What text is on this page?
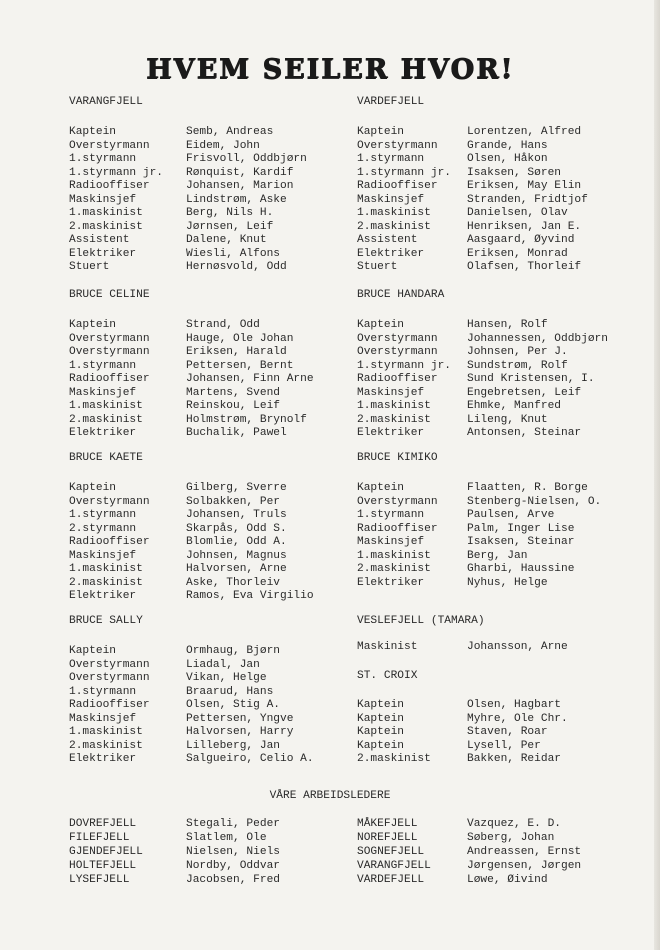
HVEM SEILER HVOR!
VARANGFJELL
Kaptein	Semb, Andreas
Overstyrmann	Eidem, John
1.styrmann	Frisvoll, Oddbjørn
1.styrmann jr.	Rønquist, Kardif
Radiooffiser	Johansen, Marion
Maskinsjef	Lindstrøm, Aske
1.maskinist	Berg, Nils H.
2.maskinist	Jørnsen, Leif
Assistent	Dalene, Knut
Elektriker	Wiesli, Alfons
Stuert	Hernøsvold, Odd
BRUCE CELINE
Kaptein	Strand, Odd
Overstyrmann	Hauge, Ole Johan
Overstyrmann	Eriksen, Harald
1.styrmann	Pettersen, Bernt
Radiooffiser	Johansen, Finn Arne
Maskinsjef	Martens, Svend
1.maskinist	Reinskou, Leif
2.maskinist	Holmstrøm, Brynolf
Elektriker	Buchalik, Pawel
BRUCE KAETE
Kaptein	Gilberg, Sverre
Overstyrmann	Solbakken, Per
1.styrmann	Johansen, Truls
2.styrmann	Skarpås, Odd S.
Radiooffiser	Blomlie, Odd A.
Maskinsjef	Johnsen, Magnus
1.maskinist	Halvorsen, Arne
2.maskinist	Aske, Thorleiv
Elektriker	Ramos, Eva Virgilio
BRUCE SALLY
Kaptein	Ormhaug, Bjørn
Overstyrmann	Liadal, Jan
Overstyrmann	Vikan, Helge
1.styrmann	Braarud, Hans
Radiooffiser	Olsen, Stig A.
Maskinsjef	Pettersen, Yngve
1.maskinist	Halvorsen, Harry
2.maskinist	Lilleberg, Jan
Elektriker	Salgueiro, Celio A.
VARDEFJELL
Kaptein	Lorentzen, Alfred
Overstyrmann	Grande, Hans
1.styrmann	Olsen, Håkon
1.styrmann jr.	Isaksen, Søren
Radiooffiser	Eriksen, May Elin
Maskinsjef	Stranden, Fridtjof
1.maskinist	Danielsen, Olav
2.maskinist	Henriksen, Jan E.
Assistent	Aasgaard, Øyvind
Elektriker	Eriksen, Monrad
Stuert	Olafsen, Thorleif
BRUCE HANDARA
Kaptein	Hansen, Rolf
Overstyrmann	Johannessen, Oddbjørn
Overstyrmann	Johnsen, Per J.
1.styrmann jr.	Sundstrøm, Rolf
Radiooffiser	Sund Kristensen, I.
Maskinsjef	Engebretsen, Leif
1.maskinist	Ehmke, Manfred
2.maskinist	Lileng, Knut
Elektriker	Antonsen, Steinar
BRUCE KIMIKO
Kaptein	Flaatten, R. Borge
Overstyrmann	Stenberg-Nielsen, O.
1.styrmann	Paulsen, Arve
Radiooffiser	Palm, Inger Lise
Maskinsjef	Isaksen, Steinar
1.maskinist	Berg, Jan
2.maskinist	Gharbi, Haussine
Elektriker	Nyhus, Helge
VESLEFJELL (TAMARA)
Maskinist	Johansson, Arne
ST. CROIX
Kaptein	Olsen, Hagbart
Kaptein	Myhre, Ole Chr.
Kaptein	Staven, Roar
Kaptein	Lysell, Per
2.maskinist	Bakken, Reidar
VÅRE ARBEIDSLEDERE
DOVREFJELL	Stegali, Peder
FILEFJELL	Slatlem, Ole
GJENDEFJELL	Nielsen, Niels
HOLTEFJELL	Nordby, Oddvar
LYSEFJELL	Jacobsen, Fred
MÅKEFJELL	Vazquez, E. D.
NOREFJELL	Søberg, Johan
SOGNEFJELL	Andreassen, Ernst
VARANGFJELL	Jørgensen, Jørgen
VARDEFJELL	Løwe, Øivind
